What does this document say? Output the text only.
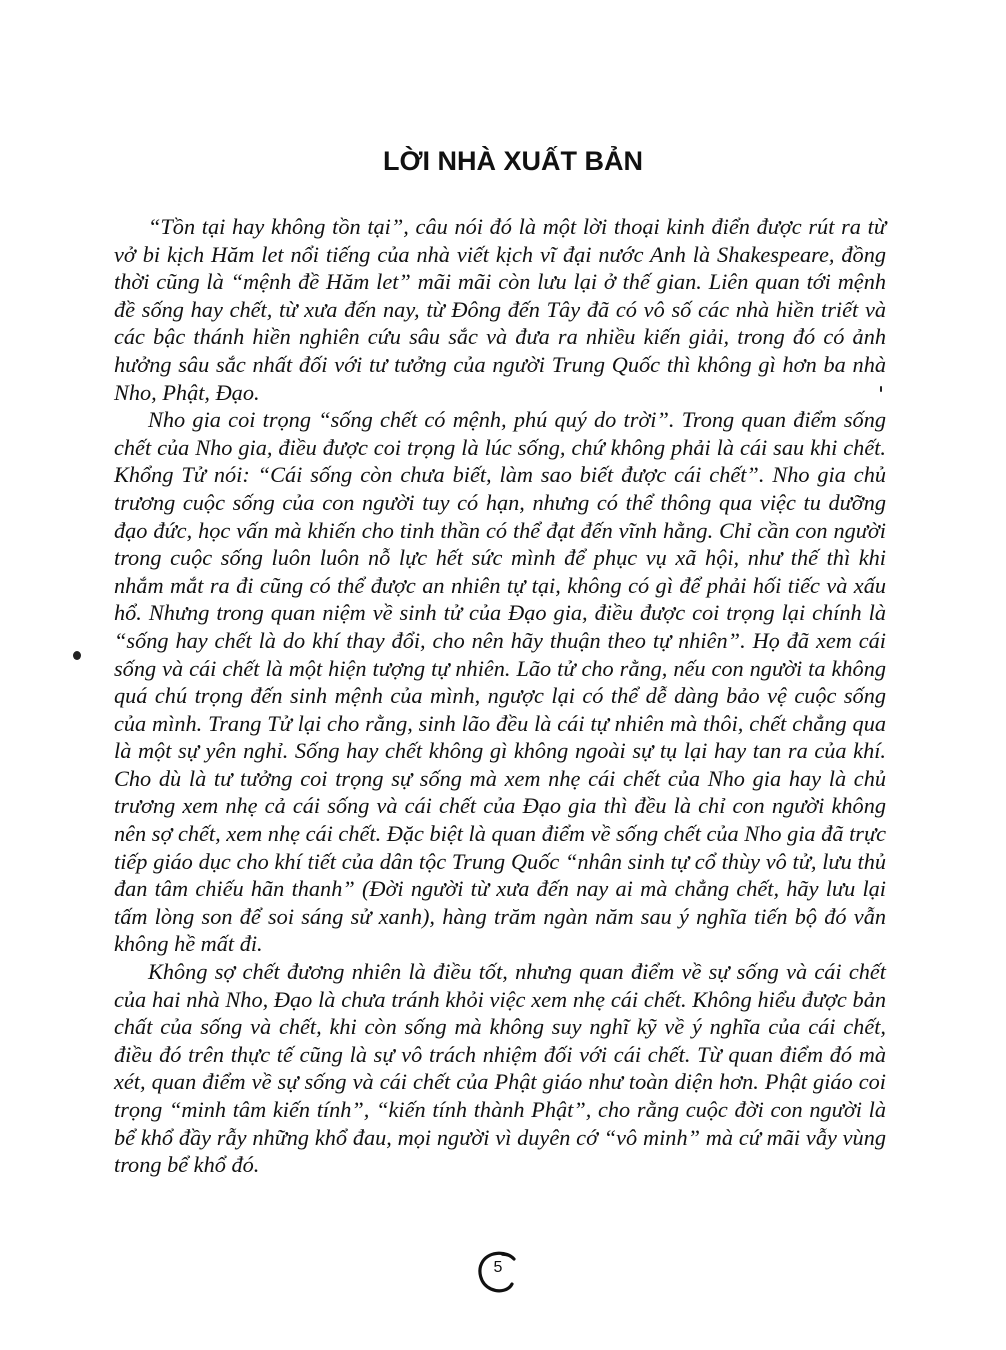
LỜI NHÀ XUẤT BẢN

“Tồn tại hay không tồn tại”, câu nói đó là một lời thoại kinh điển được rút ra từ vở bi kịch Hăm let nổi tiếng của nhà viết kịch vĩ đại nước Anh là Shakespeare, đồng thời cũng là “mệnh đề Hăm let” mãi mãi còn lưu lại ở thế gian. Liên quan tới mệnh đề sống hay chết, từ xưa đến nay, từ Đông đến Tây đã có vô số các nhà hiền triết và các bậc thánh hiền nghiên cứu sâu sắc và đưa ra nhiều kiến giải, trong đó có ảnh hưởng sâu sắc nhất đối với tư tưởng của người Trung Quốc thì không gì hơn ba nhà Nho, Phật, Đạo.

Nho gia coi trọng “sống chết có mệnh, phú quý do trời”. Trong quan điểm sống chết của Nho gia, điều được coi trọng là lúc sống, chứ không phải là cái sau khi chết. Khổng Tử nói: “Cái sống còn chưa biết, làm sao biết được cái chết”. Nho gia chủ trương cuộc sống của con người tuy có hạn, nhưng có thể thông qua việc tu dưỡng đạo đức, học vấn mà khiến cho tinh thần có thể đạt đến vĩnh hằng. Chỉ cần con người trong cuộc sống luôn luôn nỗ lực hết sức mình để phục vụ xã hội, như thế thì khi nhắm mắt ra đi cũng có thể được an nhiên tự tại, không có gì để phải hối tiếc và xấu hổ. Nhưng trong quan niệm về sinh tử của Đạo gia, điều được coi trọng lại chính là “sống hay chết là do khí thay đổi, cho nên hãy thuận theo tự nhiên”. Họ đã xem cái sống và cái chết là một hiện tượng tự nhiên. Lão tử cho rằng, nếu con người ta không quá chú trọng đến sinh mệnh của mình, ngược lại có thể dễ dàng bảo vệ cuộc sống của mình. Trang Tử lại cho rằng, sinh lão đều là cái tự nhiên mà thôi, chết chẳng qua là một sự yên nghỉ. Sống hay chết không gì không ngoài sự tụ lại hay tan ra của khí. Cho dù là tư tưởng coi trọng sự sống mà xem nhẹ cái chết của Nho gia hay là chủ trương xem nhẹ cả cái sống và cái chết của Đạo gia thì đều là chỉ con người không nên sợ chết, xem nhẹ cái chết. Đặc biệt là quan điểm về sống chết của Nho gia đã trực tiếp giáo dục cho khí tiết của dân tộc Trung Quốc “nhân sinh tự cổ thùy vô tử, lưu thủ đan tâm chiếu hãn thanh” (Đời người từ xưa đến nay ai mà chẳng chết, hãy lưu lại tấm lòng son để soi sáng sử xanh), hàng trăm ngàn năm sau ý nghĩa tiến bộ đó vẫn không hề mất đi.

Không sợ chết đương nhiên là điều tốt, nhưng quan điểm về sự sống và cái chết của hai nhà Nho, Đạo là chưa tránh khỏi việc xem nhẹ cái chết. Không hiểu được bản chất của sống và chết, khi còn sống mà không suy nghĩ kỹ về ý nghĩa của cái chết, điều đó trên thực tế cũng là sự vô trách nhiệm đối với cái chết. Từ quan điểm đó mà xét, quan điểm về sự sống và cái chết của Phật giáo như toàn diện hơn. Phật giáo coi trọng “minh tâm kiến tính”, “kiến tính thành Phật”, cho rằng cuộc đời con người là bể khổ đầy rẫy những khổ đau, mọi người vì duyên cớ “vô minh” mà cứ mãi vẫy vùng trong bể khổ đó.

5
